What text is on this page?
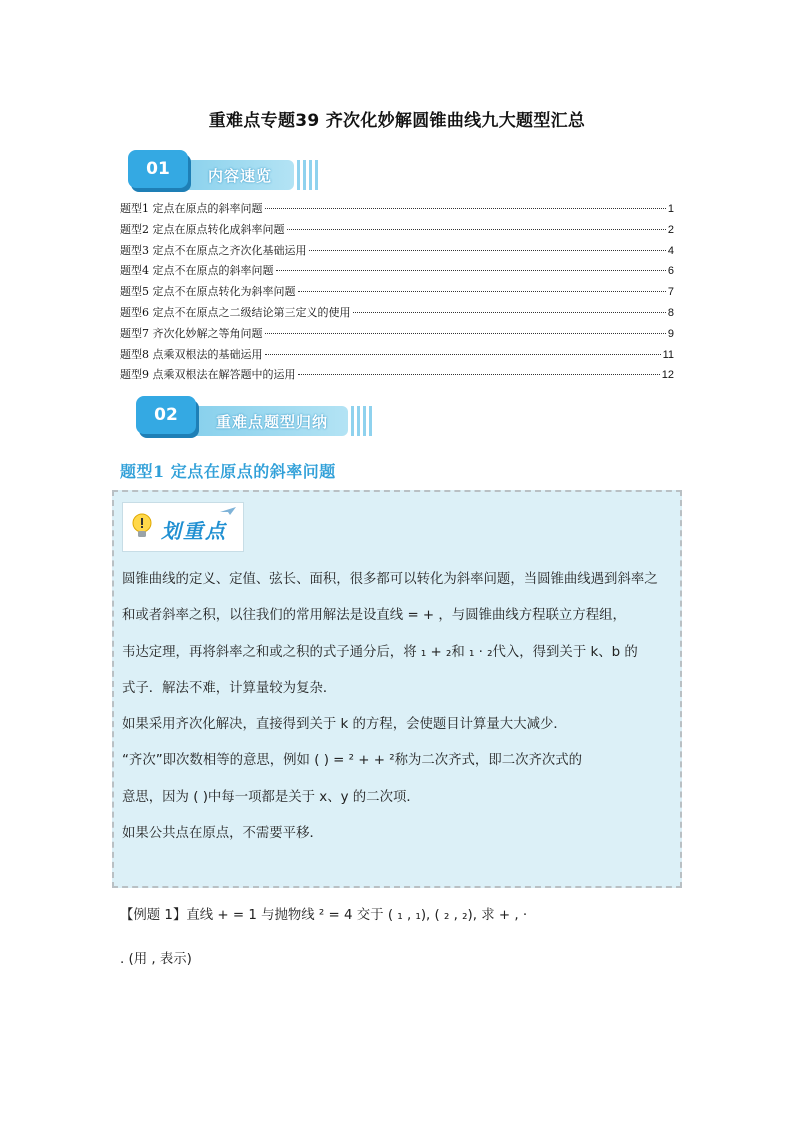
重难点专题39 齐次化妙解圆锥曲线九大题型汇总
内容速览
01
题型1 定点在原点的斜率问题	1
题型2 定点在原点转化成斜率问题	2
题型3 定点不在原点之齐次化基础运用	4
题型4 定点不在原点的斜率问题	6
题型5 定点不在原点转化为斜率问题	7
题型6 定点不在原点之二级结论第三定义的使用	8
题型7 齐次化妙解之等角问题	9
题型8 点乘双根法的基础运用	11
题型9 点乘双根法在解答题中的运用	12
重难点题型归纳
02
题型1 定点在原点的斜率问题
划重点

圆锥曲线的定义、定值、弦长、面积，很多都可以转化为斜率问题，当圆锥曲线遇到斜率之

和或者斜率之积，以往我们的常用解法是设直线 = + ，与圆锥曲线方程联立方程组，

韦达定理，再将斜率之和或之积的式子通分后，将 ₁ + ₂和 ₁ · ₂代入，得到关于 k、b 的

式子．解法不难，计算量较为复杂．

如果采用齐次化解决，直接得到关于 k 的方程，会使题目计算量大大减少．

“齐次”即次数相等的意思，例如 ( ) = ² + + ²称为二次齐式，即二次齐次式的

意思，因为 ( )中每一项都是关于 x、y 的二次项．

如果公共点在原点，不需要平移．

【例题 1】直线 + = 1 与抛物线 ² = 4 交于 ( ₁ , ₁), ( ₂ , ₂), 求 + , ·
. (用 , 表示)
